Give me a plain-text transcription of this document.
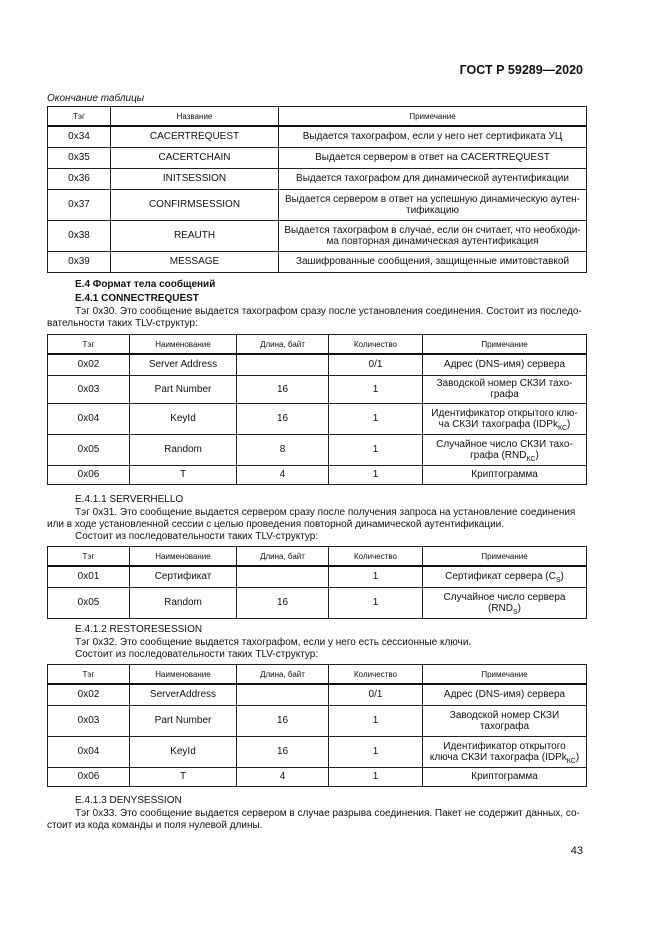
ГОСТ Р 59289—2020
Окончание таблицы
Тэг	Название	Примечание
0x34	CACERTREQUEST	Выдается тахографом, если у него нет сертификата УЦ
0x35	CACERTCHAIN	Выдается сервером в ответ на CACERTREQUEST
0x36	INITSESSION	Выдается тахографом для динамической аутентификации
0x37	CONFIRMSESSION	Выдается сервером в ответ на успешную динамическую аутен-
тификацию
0x38	REAUTH	Выдается тахографом в случае, если он считает, что необходи-
ма повторная динамическая аутентификация
0x39	MESSAGE	Зашифрованные сообщения, защищенные имитовставкой
Е.4 Формат тела сообщений
Е.4.1 CONNECTREQUEST
Тэг 0x30. Это сообщение выдается тахографом сразу после установления соединения. Состоит из последо-
вательности таких TLV-структур:
Тэг	Наименование	Длина, байт	Количество	Примечание
0x02	Server Address		0/1	Адрес (DNS-имя) сервера
0x03	Part Number	16	1	Заводской номер СКЗИ тахо-
графа
0x04	KeyId	16	1	Идентификатор открытого клю-
ча СКЗИ тахографа (IDPk$_{КС}$)
0x05	Random	8	1	Случайное число СКЗИ тахо-
графа $(RND_{КС})$
0x06	T	4	1	Криптограмма
Е.4.1.1 SERVERHELLO
Тэг 0x31. Это сообщение выдается сервером сразу после получения запроса на установление соединения
или в ходе установленной сессии с целью проведения повторной динамической аутентификации.
Состоит из последовательности таких TLV-структур:
Тэг	Наименование	Длина, байт	Количество	Примечание
0x01	Сертификат		1	Сертификат сервера $(C_S)$
0x05	Random	16	1	Случайное число сервера
$(RND_S)$
Е.4.1.2 RESTORESESSION
Тэг 0x32. Это сообщение выдается тахографом, если у него есть сессионные ключи.
Состоит из последовательности таких TLV-структур:
Тэг	Наименование	Длина, байт	Количество	Примечание
0x02	ServerAddress		0/1	Адрес (DNS-имя) сервера
0x03	Part Number	16	1	Заводской номер СКЗИ
тахографа
0x04	KeyId	16	1	Идентификатор открытого
ключа СКЗИ тахографа (IDPk$_{КС}$)
0x06	T	4	1	Криптограмма
Е.4.1.3 DENYSESSION
Тэг 0x33. Это сообщение выдается сервером в случае разрыва соединения. Пакет не содержит данных, со-
стоит из кода команды и поля нулевой длины.
43
